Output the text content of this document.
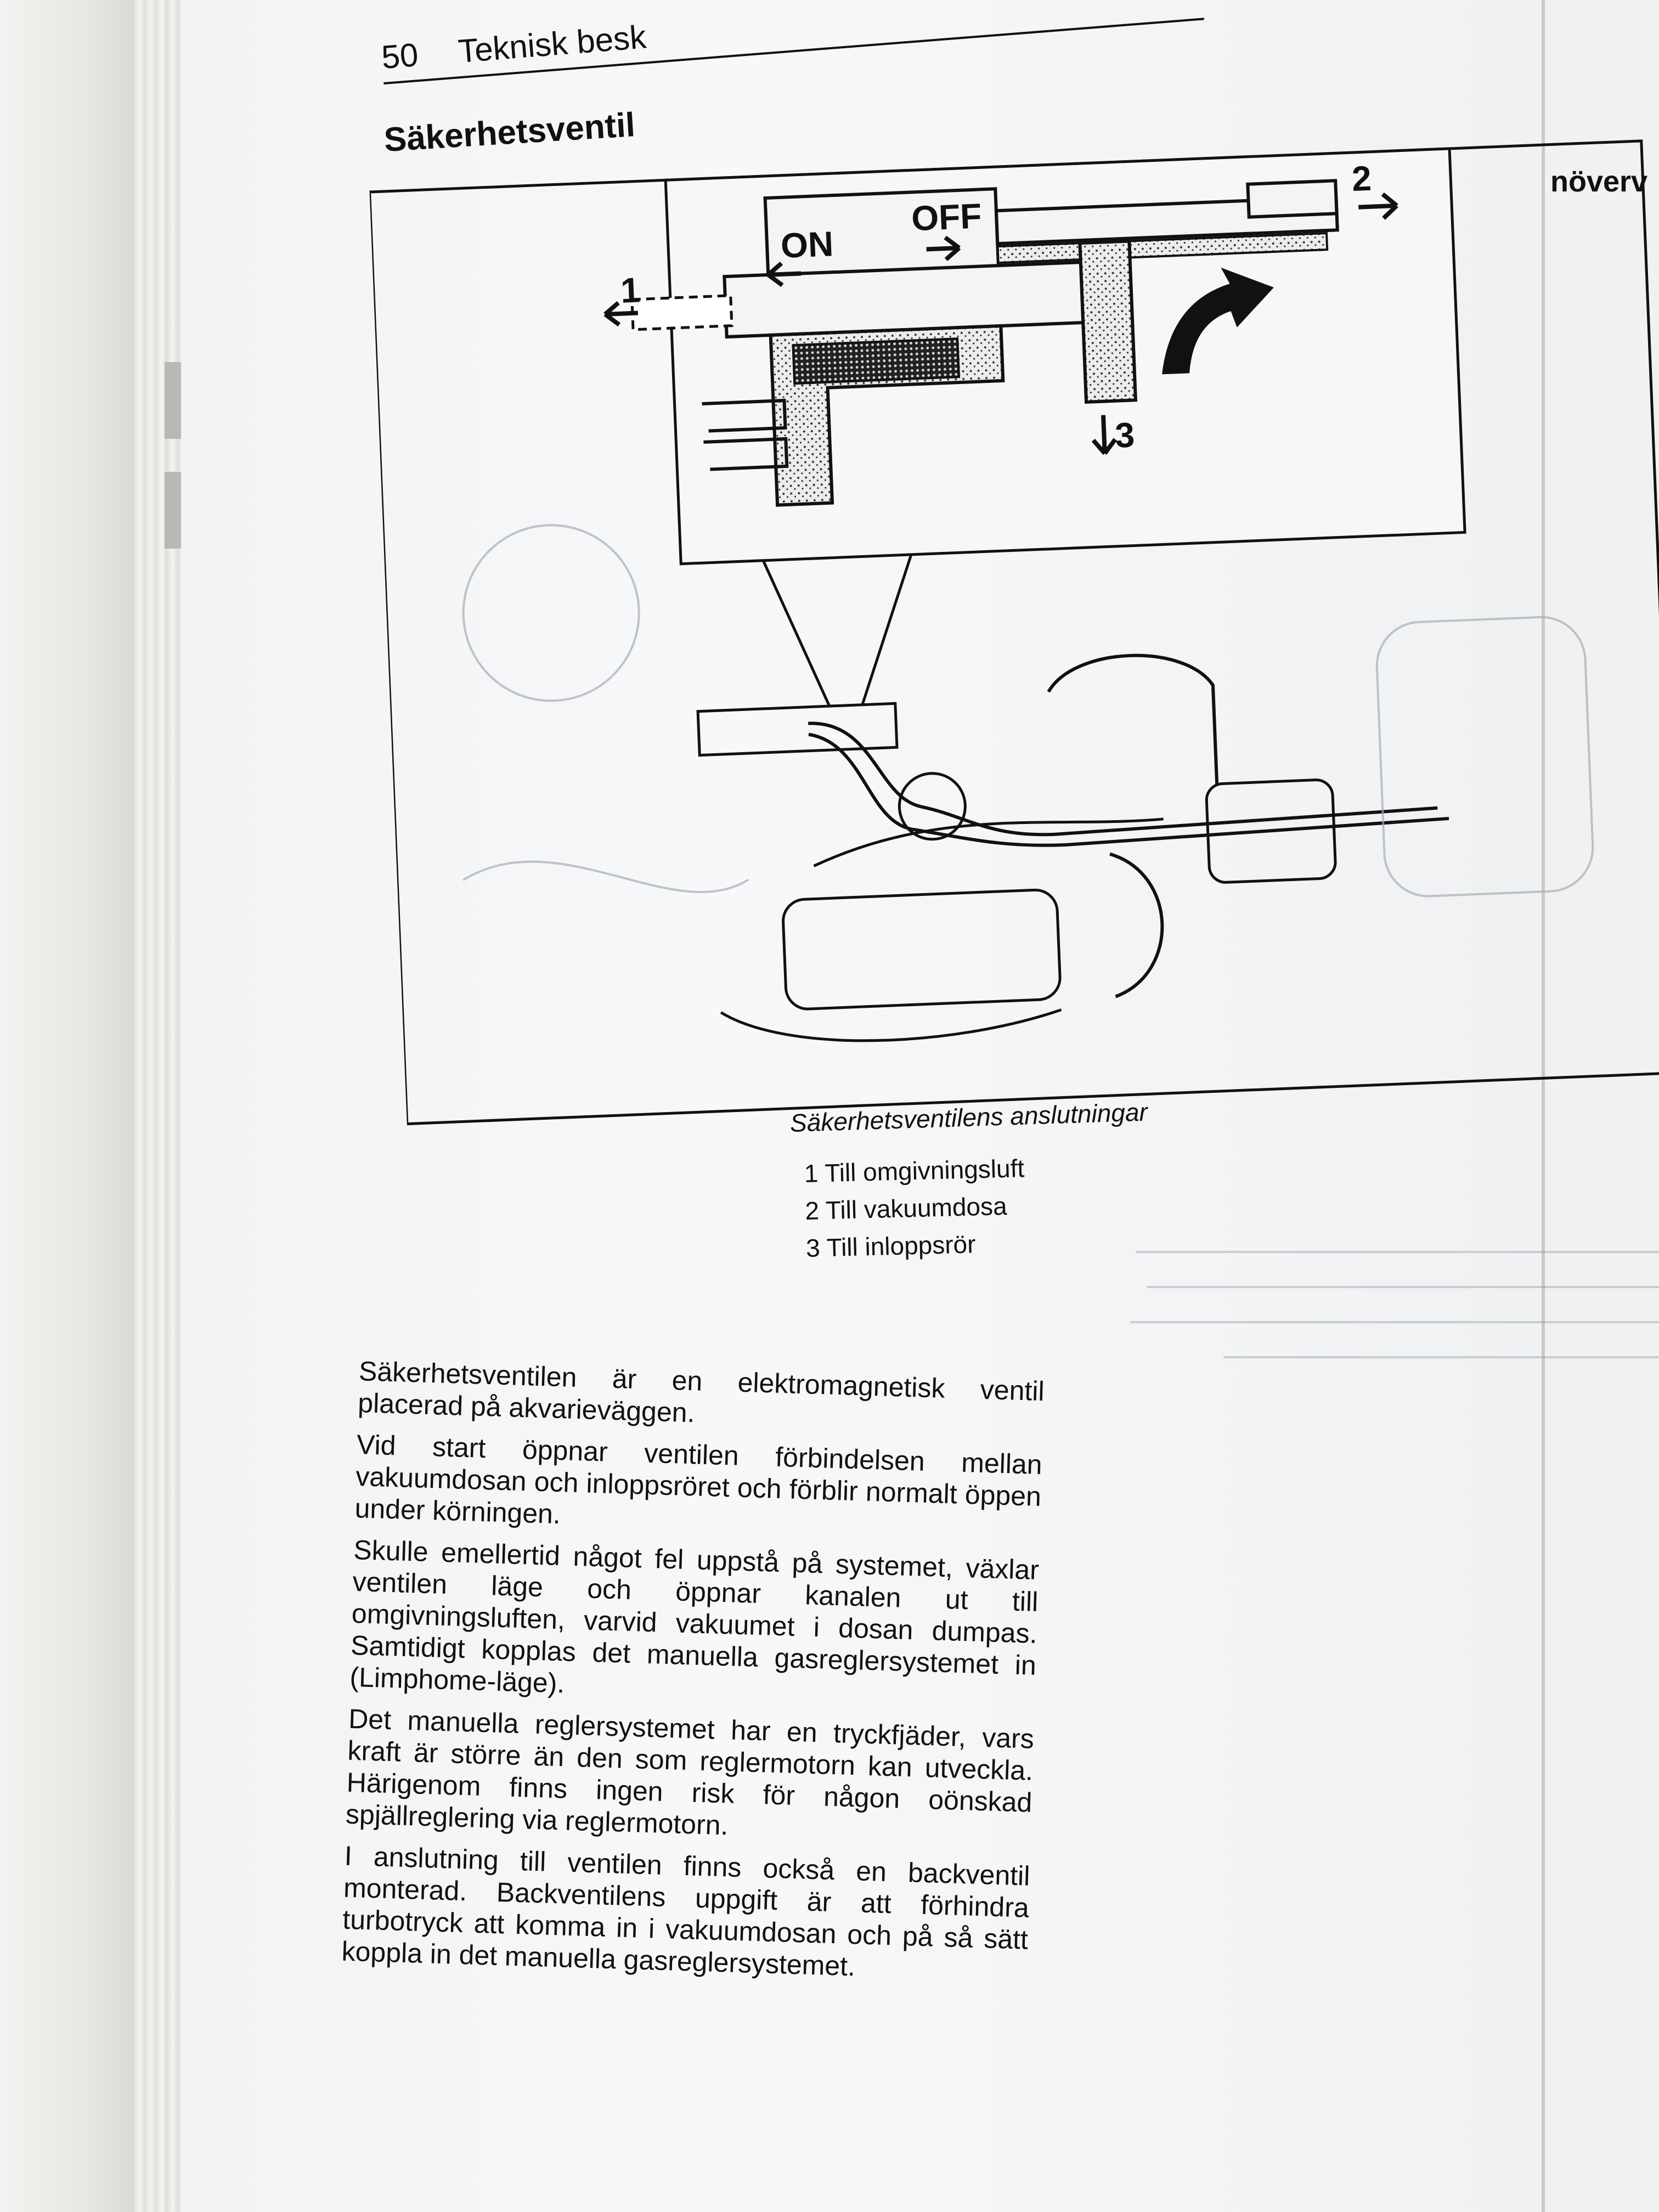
növerv
50 Teknisk besk
Säkerhetsventil
ON
OFF
1
2
3
Säkerhetsventilens anslutningar
1 Till omgivningsluft
2 Till vakuumdosa
3 Till inloppsrör

Säkerhetsventilen är en elektromagnetisk ventil placerad på akvarieväggen.

Vid start öppnar ventilen förbindelsen mellan vakuumdosan och inloppsröret och förblir normalt öppen under körningen.

Skulle emellertid något fel uppstå på systemet, växlar ventilen läge och öppnar kanalen ut till omgivningsluften, varvid vakuumet i dosan dumpas. Samtidigt kopplas det manuella gasreglersystemet in (Limphome-läge).

Det manuella reglersystemet har en tryckfjäder, vars kraft är större än den som reglermotorn kan utveckla. Härigenom finns ingen risk för någon oönskad spjällreglering via reglermotorn.

I anslutning till ventilen finns också en backventil monterad. Backventilens uppgift är att förhindra turbotryck att komma in i vakuumdosan och på så sätt koppla in det manuella gasreglersystemet.
